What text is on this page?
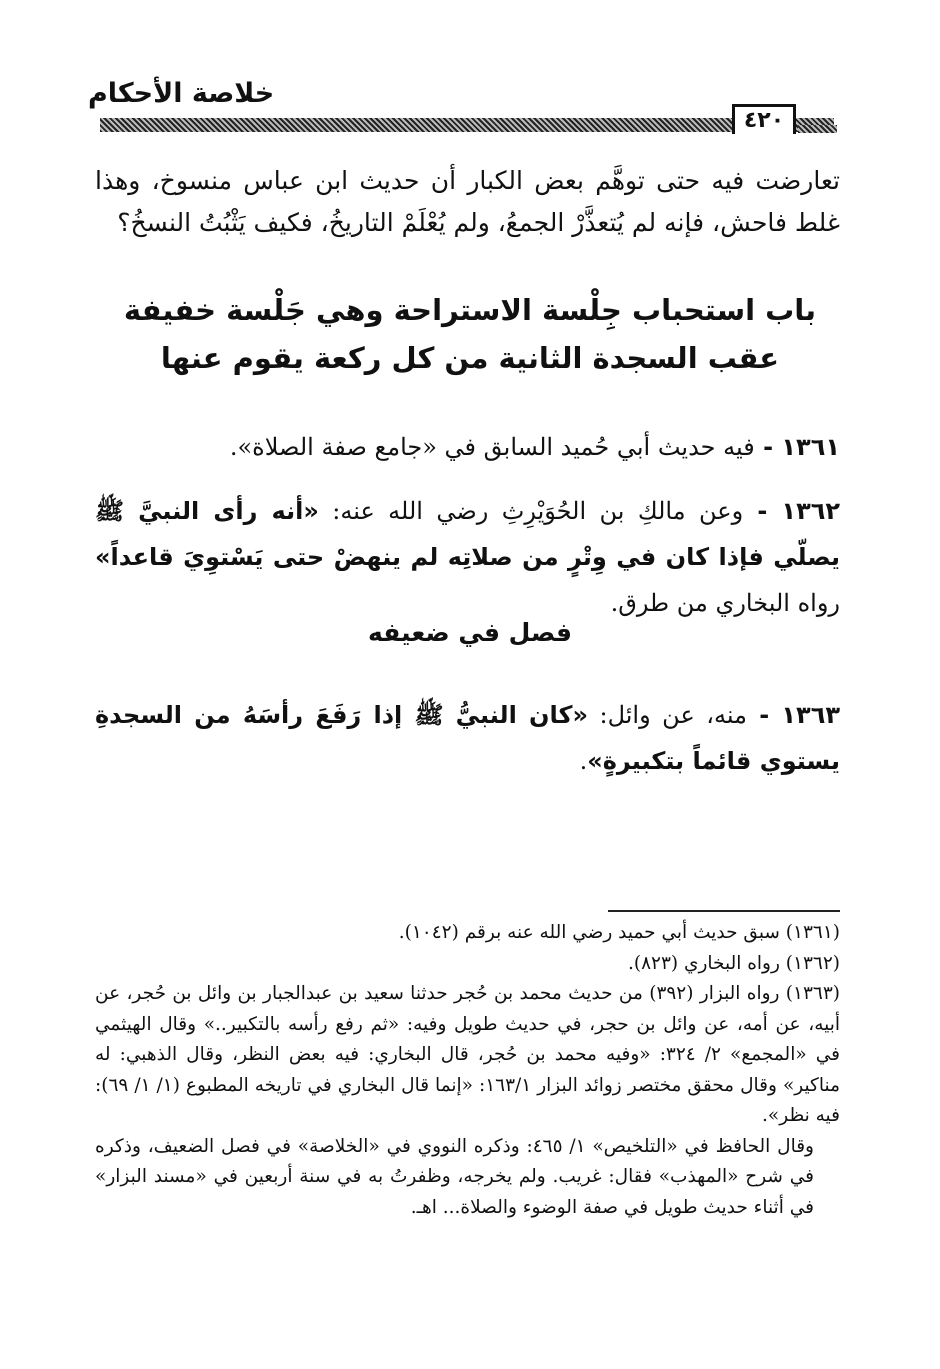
خلاصة الأحكام
٤٢٠
تعارضت فيه حتى توهَّم بعض الكبار أن حديث ابن عباس منسوخ، وهذا غلط فاحش، فإنه لم يُتعذَّرْ الجمعُ، ولم يُعْلَمْ التاريخُ، فكيف يَثْبُتُ النسخُ؟
باب استحباب جِلْسة الاستراحة وهي جَلْسة خفيفة
عقب السجدة الثانية من كل ركعة يقوم عنها
١٣٦١ - فيه حديث أبي حُميد السابق في «جامع صفة الصلاة».
١٣٦٢ - وعن مالكِ بن الحُوَيْرِثِ رضي الله عنه: «أنه رأى النبيَّ ﷺ يصلّي فإذا كان في وِتْرٍ من صلاتِه لم ينهضْ حتى يَسْتوِيَ قاعداً» رواه البخاري من طرق.
فصل في ضعيفه
١٣٦٣ - منه، عن وائل: «كان النبيُّ ﷺ إذا رَفَعَ رأسَهُ من السجدةِ يستوي قائماً بتكبيرةٍ».

(١٣٦١) سبق حديث أبي حميد رضي الله عنه برقم (١٠٤٢).

(١٣٦٢) رواه البخاري (٨٢٣).

(١٣٦٣) رواه البزار (٣٩٢) من حديث محمد بن حُجر حدثنا سعيد بن عبدالجبار بن وائل بن حُجر، عن أبيه، عن أمه، عن وائل بن حجر، في حديث طويل وفيه: «ثم رفع رأسه بالتكبير..» وقال الهيثمي في «المجمع» ٢/ ٣٢٤: «وفيه محمد بن حُجر، قال البخاري: فيه بعض النظر، وقال الذهبي: له مناكير» وقال محقق مختصر زوائد البزار ١٦٣/١: «إنما قال البخاري في تاريخه المطبوع (١/ ١/ ٦٩): فيه نظر».

وقال الحافظ في «التلخيص» ١/ ٤٦٥: وذكره النووي في «الخلاصة» في فصل الضعيف، وذكره في شرح «المهذب» فقال: غريب. ولم يخرجه، وظفرتُ به في سنة أربعين في «مسند البزار» في أثناء حديث طويل في صفة الوضوء والصلاة... اهـ.
